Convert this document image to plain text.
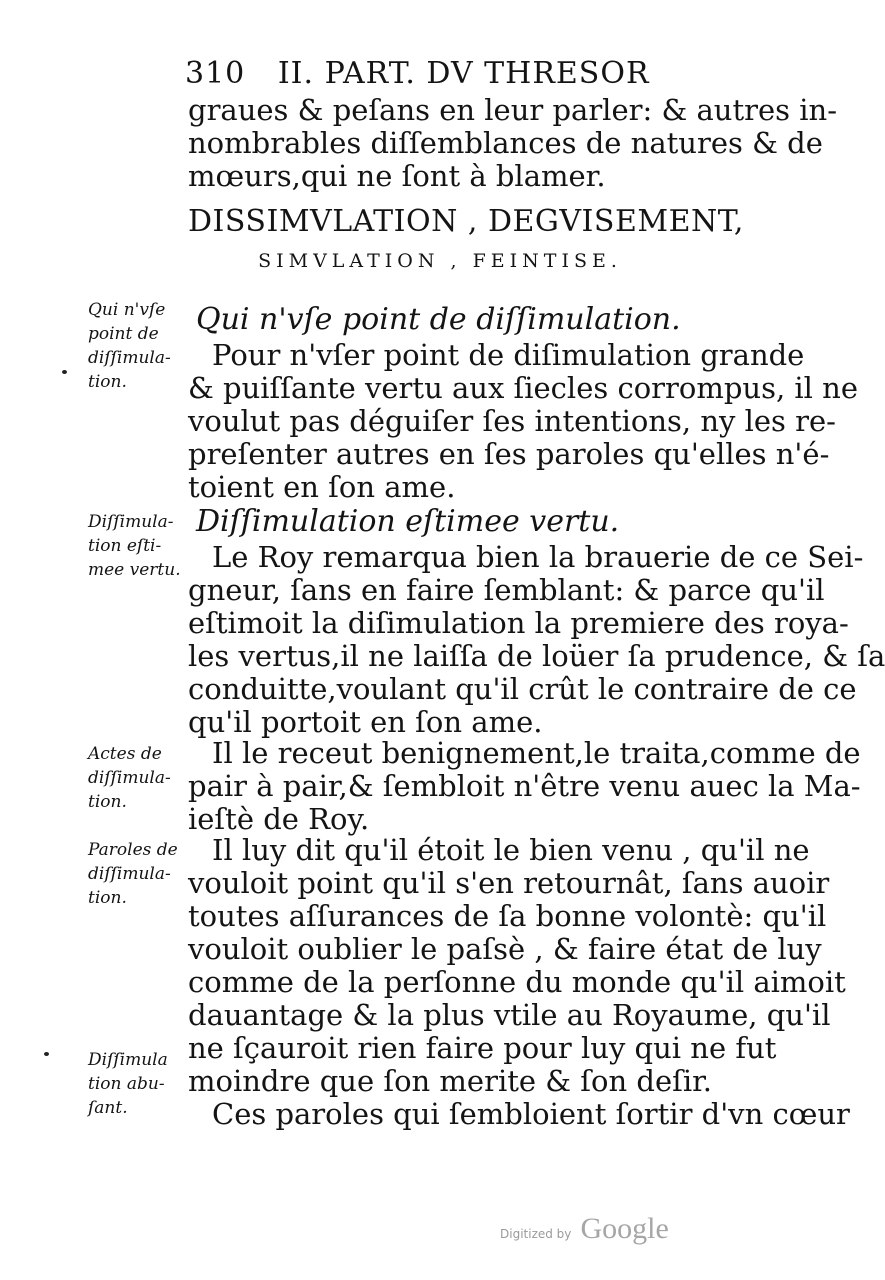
310 II. PART. DV THRESOR
graues & peſans en leur parler: & autres in-
nombrables diſſemblances de natures & de
mœurs,qui ne ſont à blamer.
DISSIMVLATION , DEGVISEMENT,
SIMVLATION , FEINTISE.
Qui n'vſe point de diſſimulation.
Pour n'vſer point de diſimulation grande
& puiſſante vertu aux ſiecles corrompus, il ne
voulut pas déguiſer ſes intentions, ny les re-
preſenter autres en ſes paroles qu'elles n'é-
toient en ſon ame.
Diſſimulation eſtimee vertu.
Le Roy remarqua bien la brauerie de ce Sei-
gneur, ſans en faire ſemblant: & parce qu'il
eſtimoit la diſimulation la premiere des roya-
les vertus,il ne laiſſa de loüer ſa prudence, & ſa
conduitte,voulant qu'il crût le contraire de ce
qu'il portoit en ſon ame.
Il le receut benignement,le traita,comme de
pair à pair,& ſembloit n'être venu auec la Ma-
ieſtè de Roy.
Il luy dit qu'il étoit le bien venu , qu'il ne
vouloit point qu'il s'en retournât, ſans auoir
toutes aſſurances de ſa bonne volontè: qu'il
vouloit oublier le paſsè , & faire état de luy
comme de la perſonne du monde qu'il aimoit
dauantage & la plus vtile au Royaume, qu'il
ne ſçauroit rien faire pour luy qui ne fut
moindre que ſon merite & ſon deſir.
Ces paroles qui ſembloient ſortir d'vn cœur
Qui n'vſe
point de
diſſimula-
tion.
Diſſimula-
tion eſti-
mee vertu.
Actes de
diſſimula-
tion.
Paroles de
diſſimula-
tion.
Diſſimula
tion abu-
ſant.
Digitized by Google
